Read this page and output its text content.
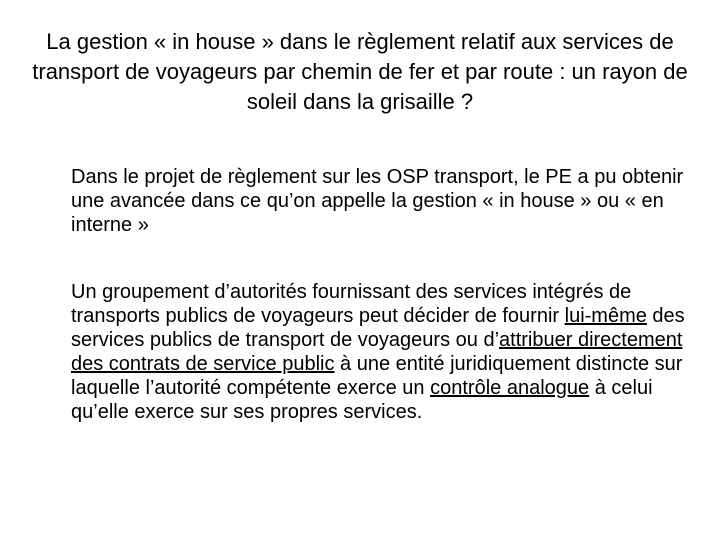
La gestion « in house » dans le règlement relatif aux services de transport de voyageurs par chemin de fer et par route : un rayon de soleil dans la grisaille ?

Dans le projet de règlement sur les OSP transport, le PE a pu obtenir une avancée dans ce qu’on appelle la gestion « in house » ou « en interne »

Un groupement d’autorités fournissant des services intégrés de transports publics de voyageurs peut décider de fournir lui-même des services publics de transport de voyageurs ou d’attribuer directement des contrats de service public à une entité juridiquement distincte sur laquelle l’autorité compétente exerce un contrôle analogue à celui qu’elle exerce sur ses propres services.
